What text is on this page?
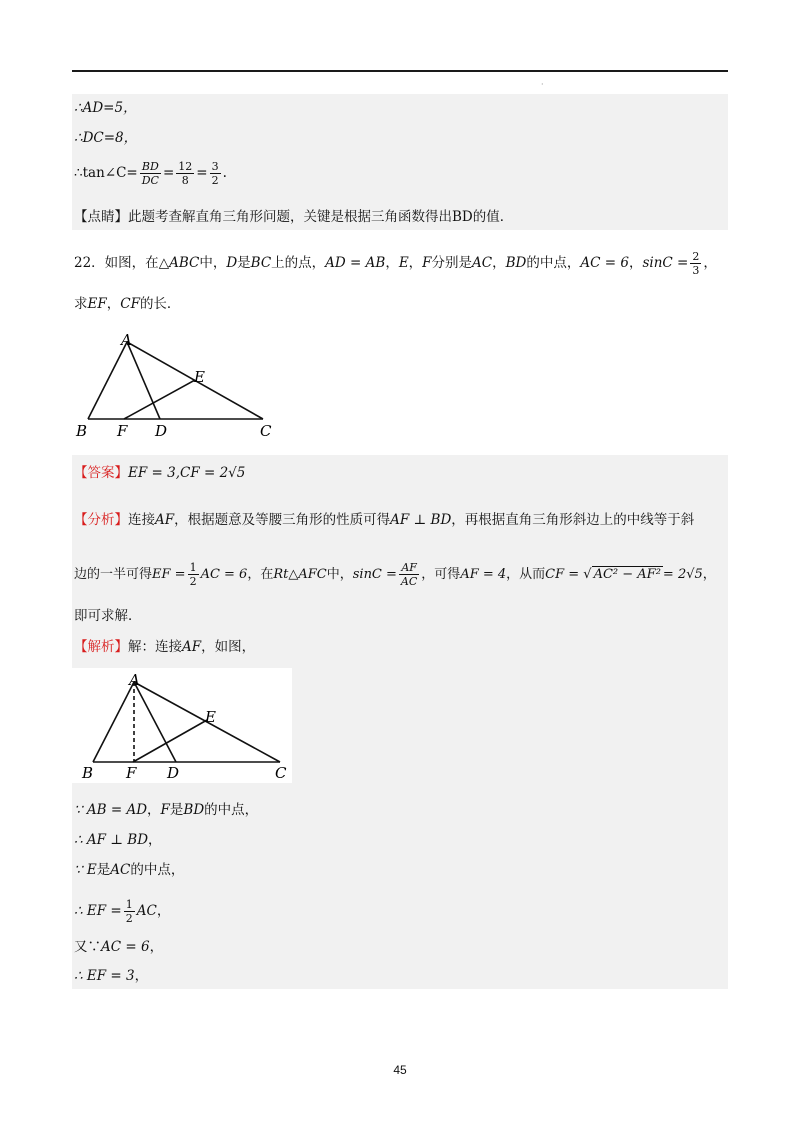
·
∴AD=5，
∴DC=8，
∴tan∠C= $\frac{BD}{DC} = \frac{12}{8} = \frac{3}{2}$ .
【点睛】此题考查解直角三角形问题，关键是根据三角函数得出BD的值．
22．如图，在△ABC中，D是BC上的点，AD = AB，E，F分别是AC，BD的中点，AC = 6，$\sin C = \frac{2}{3}$ ，
求EF，CF的长．
A
B F D	C
E
【答案】EF = 3,CF = 2√5
【分析】连接AF，根据题意及等腰三角形的性质可得AF ⊥ BD，再根据直角三角形斜边上的中线等于斜
边的一半可得EF = $\frac{1}{2}$ AC = 6，在Rt△AFC中，$\sin C = \frac{AF}{AC}$ ，可得AF = 4，从而CF = √ AC² − AF² = 2√5，
即可求解．
【解析】解：连接AF，如图，
A
B F D	C
E
∵ AB = AD，F是BD的中点，
∴ AF ⊥ BD，
∵ E是AC的中点，
∴ EF = $\frac{1}{2}$ AC，
又∵AC = 6，
∴ EF = 3，
45
